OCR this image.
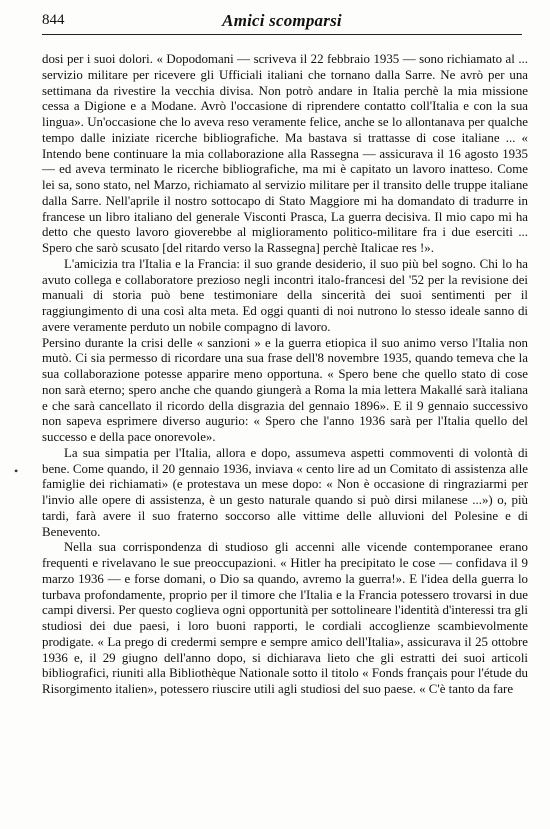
844	Amici scomparsi
•

dosi per i suoi dolori. « Dopodomani — scriveva il 22 febbraio 1935 — sono richiamato al ... servizio militare per ricevere gli Ufficiali italiani che tornano dalla Sarre. Ne avrò per una settimana da rivestire la vecchia divisa. Non potrò andare in Italia perchè la mia missione cessa a Digione e a Modane. Avrò l'occasione di riprendere contatto coll'Italia e con la sua lingua». Un'occasione che lo aveva reso veramente felice, anche se lo allontanava per qualche tempo dalle iniziate ricerche bibliografiche. Ma bastava si trattasse di cose italiane ... « Intendo bene continuare la mia collaborazione alla Rassegna — assicurava il 16 agosto 1935 — ed aveva terminato le ricerche bibliografiche, ma mi è capitato un lavoro inatteso. Come lei sa, sono stato, nel Marzo, richiamato al servizio militare per il transito delle truppe italiane dalla Sarre. Nell'aprile il nostro sottocapo di Stato Maggiore mi ha domandato di tradurre in francese un libro italiano del generale Visconti Prasca, La guerra decisiva. Il mio capo mi ha detto che questo lavoro gioverebbe al miglioramento politico-militare fra i due eserciti ... Spero che sarò scusato [del ritardo verso la Rassegna] perchè Italicae res !».

L'amicizia tra l'Italia e la Francia: il suo grande desiderio, il suo più bel sogno. Chi lo ha avuto collega e collaboratore prezioso negli incontri italo-francesi del '52 per la revisione dei manuali di storia può bene testimoniare della sincerità dei suoi sentimenti per il raggiungimento di una così alta meta. Ed oggi quanti di noi nutrono lo stesso ideale sanno di avere veramente perduto un nobile compagno di lavoro.

Persino durante la crisi delle « sanzioni » e la guerra etiopica il suo animo verso l'Italia non mutò. Ci sia permesso di ricordare una sua frase dell'8 novembre 1935, quando temeva che la sua collaborazione potesse apparire meno opportuna. « Spero bene che quello stato di cose non sarà eterno; spero anche che quando giungerà a Roma la mia lettera Makallé sarà italiana e che sarà cancellato il ricordo della disgrazia del gennaio 1896». E il 9 gennaio successivo non sapeva esprimere diverso augurio: « Spero che l'anno 1936 sarà per l'Italia quello del successo e della pace onorevole».

La sua simpatia per l'Italia, allora e dopo, assumeva aspetti commoventi di volontà di bene. Come quando, il 20 gennaio 1936, inviava « cento lire ad un Comitato di assistenza alle famiglie dei richiamati» (e protestava un mese dopo: « Non è occasione di ringraziarmi per l'invio alle opere di assistenza, è un gesto naturale quando si può dirsi milanese ...») o, più tardi, farà avere il suo fraterno soccorso alle vittime delle alluvioni del Polesine e di Benevento.

Nella sua corrispondenza di studioso gli accenni alle vicende contemporanee erano frequenti e rivelavano le sue preoccupazioni. « Hitler ha precipitato le cose — confidava il 9 marzo 1936 — e forse domani, o Dio sa quando, avremo la guerra!». E l'idea della guerra lo turbava profondamente, proprio per il timore che l'Italia e la Francia potessero trovarsi in due campi diversi. Per questo coglieva ogni opportunità per sottolineare l'identità d'interessi tra gli studiosi dei due paesi, i loro buoni rapporti, le cordiali accoglienze scambievolmente prodigate. « La prego di credermi sempre e sempre amico dell'Italia», assicurava il 25 ottobre 1936 e, il 29 giugno dell'anno dopo, si dichiarava lieto che gli estratti dei suoi articoli bibliografici, riuniti alla Bibliothèque Nationale sotto il titolo « Fonds français pour l'étude du Risorgimento italien», potessero riuscire utili agli studiosi del suo paese. « C'è tanto da fare
